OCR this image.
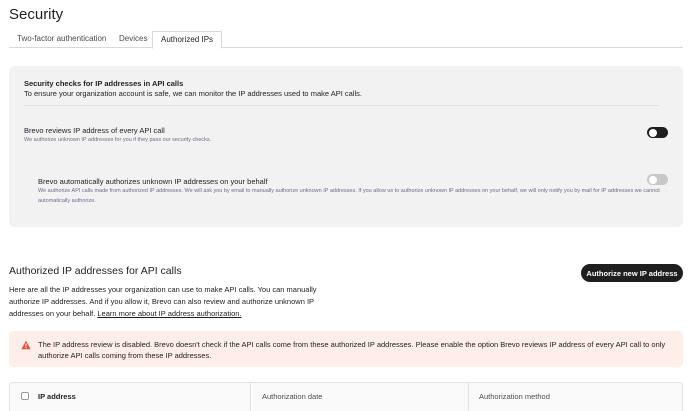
Security
Two-factor authentication Devices	Authorized IPs
Security checks for IP addresses in API calls
To ensure your organization account is safe, we can monitor the IP addresses used to make API calls.
Brevo reviews IP address of every API call
We authorize unknown IP addresses for you if they pass our security checks.
Brevo automatically authorizes unknown IP addresses on your behalf
We authorize API calls made from authorized IP addresses. We will ask you by email to manually authorize unknown IP addresses. If you allow us to authorize unknown IP addresses on your behalf, we will only notify you by mail for IP addresses we cannot automatically authorize.
Authorized IP addresses for API calls
Here are all the IP addresses your organization can use to make API calls. You can manually authorize IP addresses. And if you allow it, Brevo can also review and authorize unknown IP addresses on your behalf. Learn more about IP address authorization.
Authorize new IP address
The IP address review is disabled. Brevo doesn't check if the API calls come from these authorized IP addresses. Please enable the option Brevo reviews IP address of every API call to only authorize API calls coming from these IP addresses.
IP address	Authorization date	Authorization method
